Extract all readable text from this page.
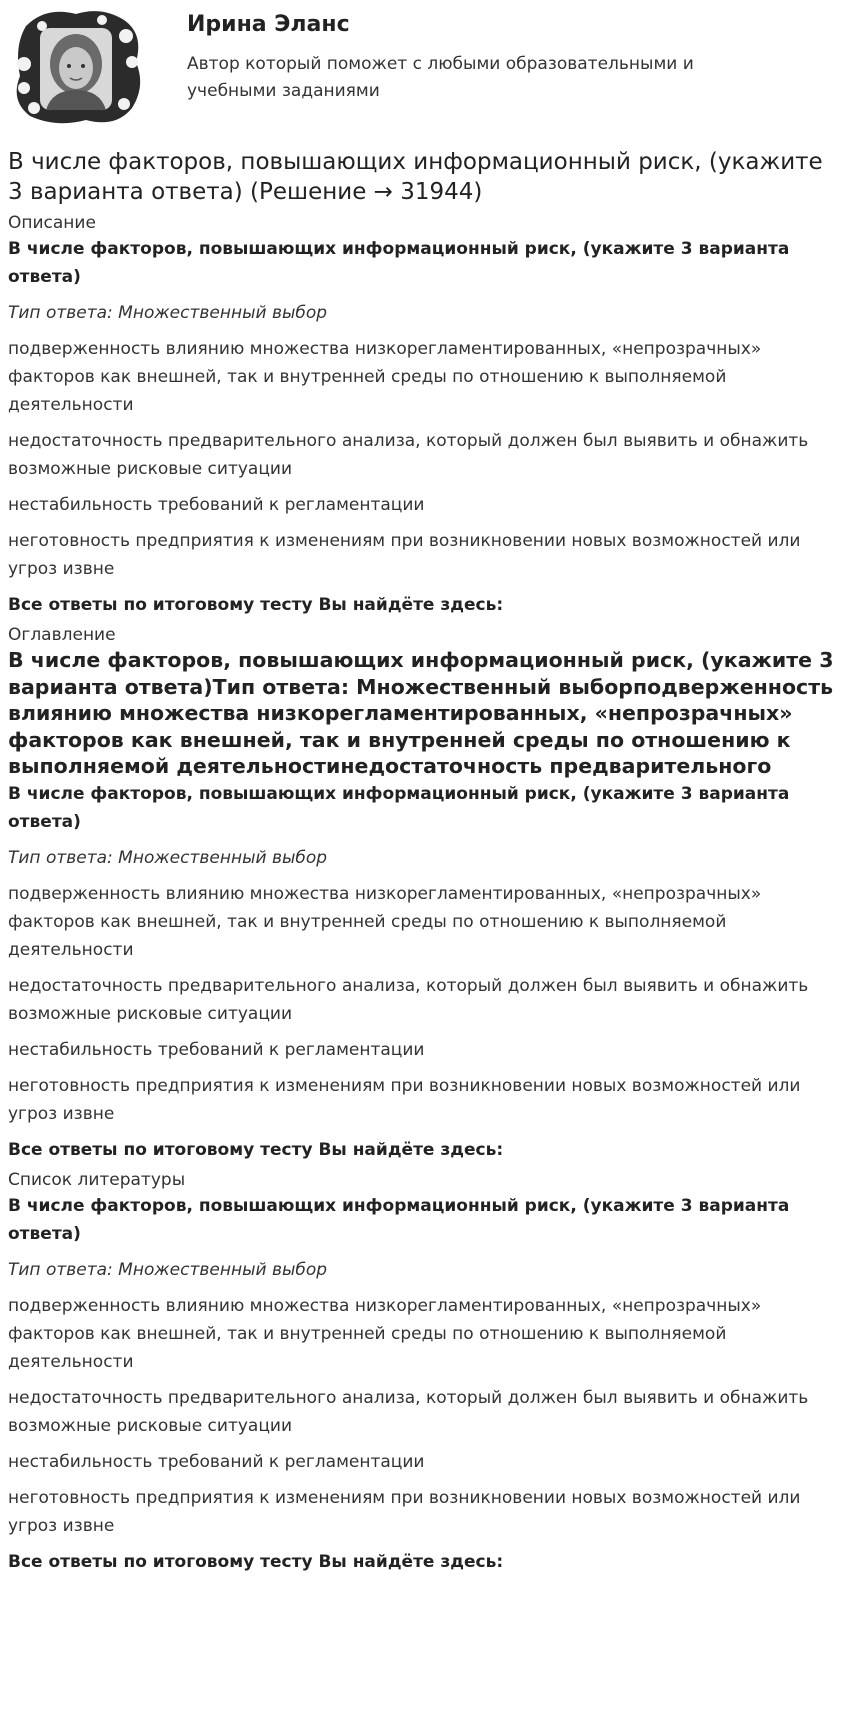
Ирина Эланс
Автор который поможет с любыми образовательными и учебными заданиями
В числе факторов, повышающих информационный риск, (укажите 3 варианта ответа) (Решение → 31944)
Описание

В числе факторов, повышающих информационный риск, (укажите 3 варианта ответа)

Тип ответа: Множественный выбор

подверженность влиянию множества низкорегламентированных, «непрозрачных» факторов как внешней, так и внутренней среды по отношению к выполняемой деятельности

недостаточность предварительного анализа, который должен был выявить и обнажить возможные рисковые ситуации

нестабильность требований к регламентации

неготовность предприятия к изменениям при возникновении новых возможностей или угроз извне

Все ответы по итоговому тесту Вы найдёте здесь:

Оглавление
В числе факторов, повышающих информационный риск, (укажите 3 варианта ответа)Тип ответа: Множественный выборподверженность влиянию множества низкорегламентированных, «непрозрачных» факторов как внешней, так и внутренней среды по отношению к выполняемой деятельностинедостаточность предварительного

В числе факторов, повышающих информационный риск, (укажите 3 варианта ответа)

Тип ответа: Множественный выбор

подверженность влиянию множества низкорегламентированных, «непрозрачных» факторов как внешней, так и внутренней среды по отношению к выполняемой деятельности

недостаточность предварительного анализа, который должен был выявить и обнажить возможные рисковые ситуации

нестабильность требований к регламентации

неготовность предприятия к изменениям при возникновении новых возможностей или угроз извне

Все ответы по итоговому тесту Вы найдёте здесь:

Список литературы

В числе факторов, повышающих информационный риск, (укажите 3 варианта ответа)

Тип ответа: Множественный выбор

подверженность влиянию множества низкорегламентированных, «непрозрачных» факторов как внешней, так и внутренней среды по отношению к выполняемой деятельности

недостаточность предварительного анализа, который должен был выявить и обнажить возможные рисковые ситуации

нестабильность требований к регламентации

неготовность предприятия к изменениям при возникновении новых возможностей или угроз извне

Все ответы по итоговому тесту Вы найдёте здесь:
